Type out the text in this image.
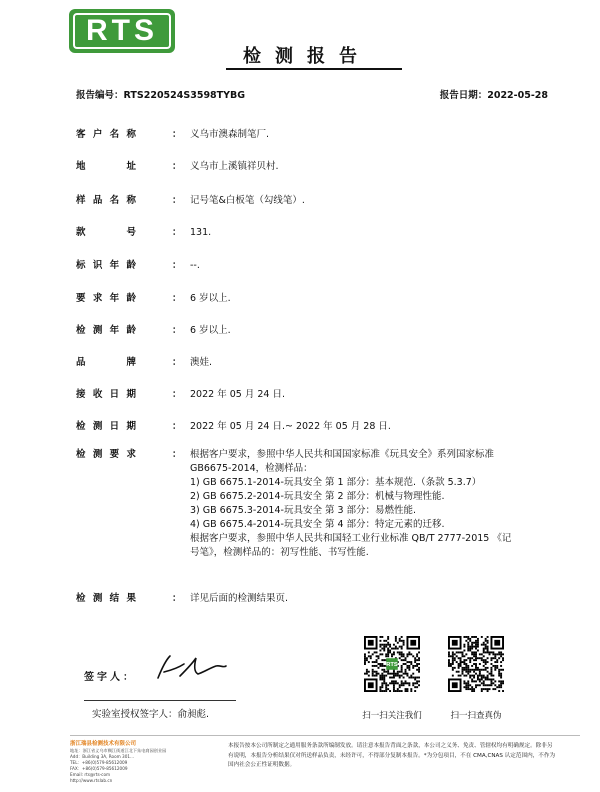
RTS
检测报告
报告编号：RTS220524S3598TYBG	报告日期：2022-05-28
客户名称	： 义乌市澳森制笔厂.
地址	： 义乌市上溪镇祥贝村.
样品名称	： 记号笔&白板笔（勾线笔）.
款号	： 131.
标识年龄	： --.
要求年龄	： 6 岁以上.
检测年龄	： 6 岁以上.
品牌	： 澳娃.
接收日期	： 2022 年 05 月 24 日.
检测日期	： 2022 年 05 月 24 日.~ 2022 年 05 月 28 日.
检测要求	： 根据客户要求，参照中华人民共和国国家标准《玩具安全》系列国家标准
GB6675-2014，检测样品：
1) GB 6675.1-2014-玩具安全 第 1 部分：基本规范.（条款 5.3.7）
2) GB 6675.2-2014-玩具安全 第 2 部分：机械与物理性能.
3) GB 6675.3-2014-玩具安全 第 3 部分：易燃性能.
4) GB 6675.4-2014-玩具安全 第 4 部分：特定元素的迁移.
根据客户要求，参照中华人民共和国轻工业行业标准 QB/T 2777-2015 《记
号笔》，检测样品的：初写性能、书写性能.
检测结果	： 详见后面的检测结果页.
RTS
扫一扫关注我们	扫一扫查真伪
签字人：
实验室授权签字人：俞昶彪.
浙江瑞县检测技术有限公司
地址：浙江省义乌市稠江街道江北下朱电商园创业园
Add：Building 3A, Room 301...
TEL：+86(0)579-85612009
FAX：+86(0)579-85612009
Email: rts@rts-com
http://www.rtslab.cn
本报告按本公司所制定之通用服务条款所编制发放。请注意本报告背面之条款，本公司之义务、免责、管辖权均有明确规定。除非另有说明，本报告分析结果仅对所送样品负责，未经许可，不得部分复制本报告。*为分包项目，不在 CMA,CNAS 认定范围内，不作为国内社会公正性证明数据。
